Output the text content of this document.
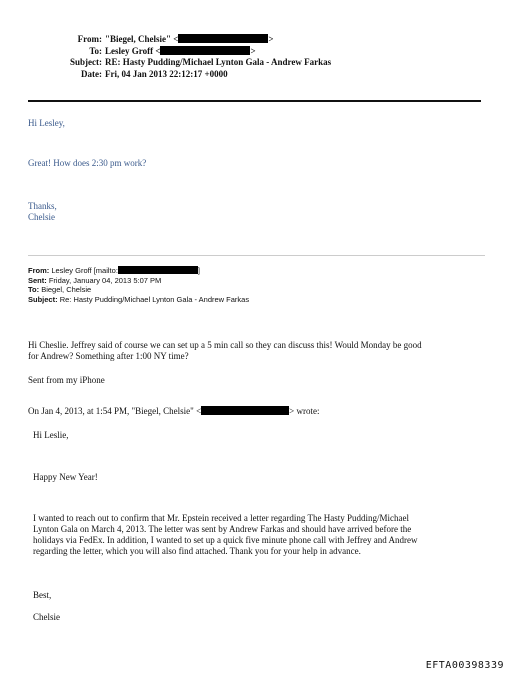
From: "Biegel, Chelsie" <	>
To: Lesley Groff <	>
Subject: RE: Hasty Pudding/Michael Lynton Gala - Andrew Farkas
Date: Fri, 04 Jan 2013 22:12:17 +0000
Hi Lesley,
Great! How does 2:30 pm work?
Thanks,
Chelsie
From: Lesley Groff [mailto:	]
Sent: Friday, January 04, 2013 5:07 PM
To: Biegel, Chelsie
Subject: Re: Hasty Pudding/Michael Lynton Gala - Andrew Farkas
Hi Cheslie. Jeffrey said of course we can set up a 5 min call so they can discuss this! Would Monday be good
for Andrew? Something after 1:00 NY time?
Sent from my iPhone
On Jan 4, 2013, at 1:54 PM, "Biegel, Chelsie" <	> wrote:
Hi Leslie,
Happy New Year!
I wanted to reach out to confirm that Mr. Epstein received a letter regarding The Hasty Pudding/Michael
Lynton Gala on March 4, 2013. The letter was sent by Andrew Farkas and should have arrived before the
holidays via FedEx. In addition, I wanted to set up a quick five minute phone call with Jeffrey and Andrew
regarding the letter, which you will also find attached. Thank you for your help in advance.
Best,
Chelsie
EFTA00398339
